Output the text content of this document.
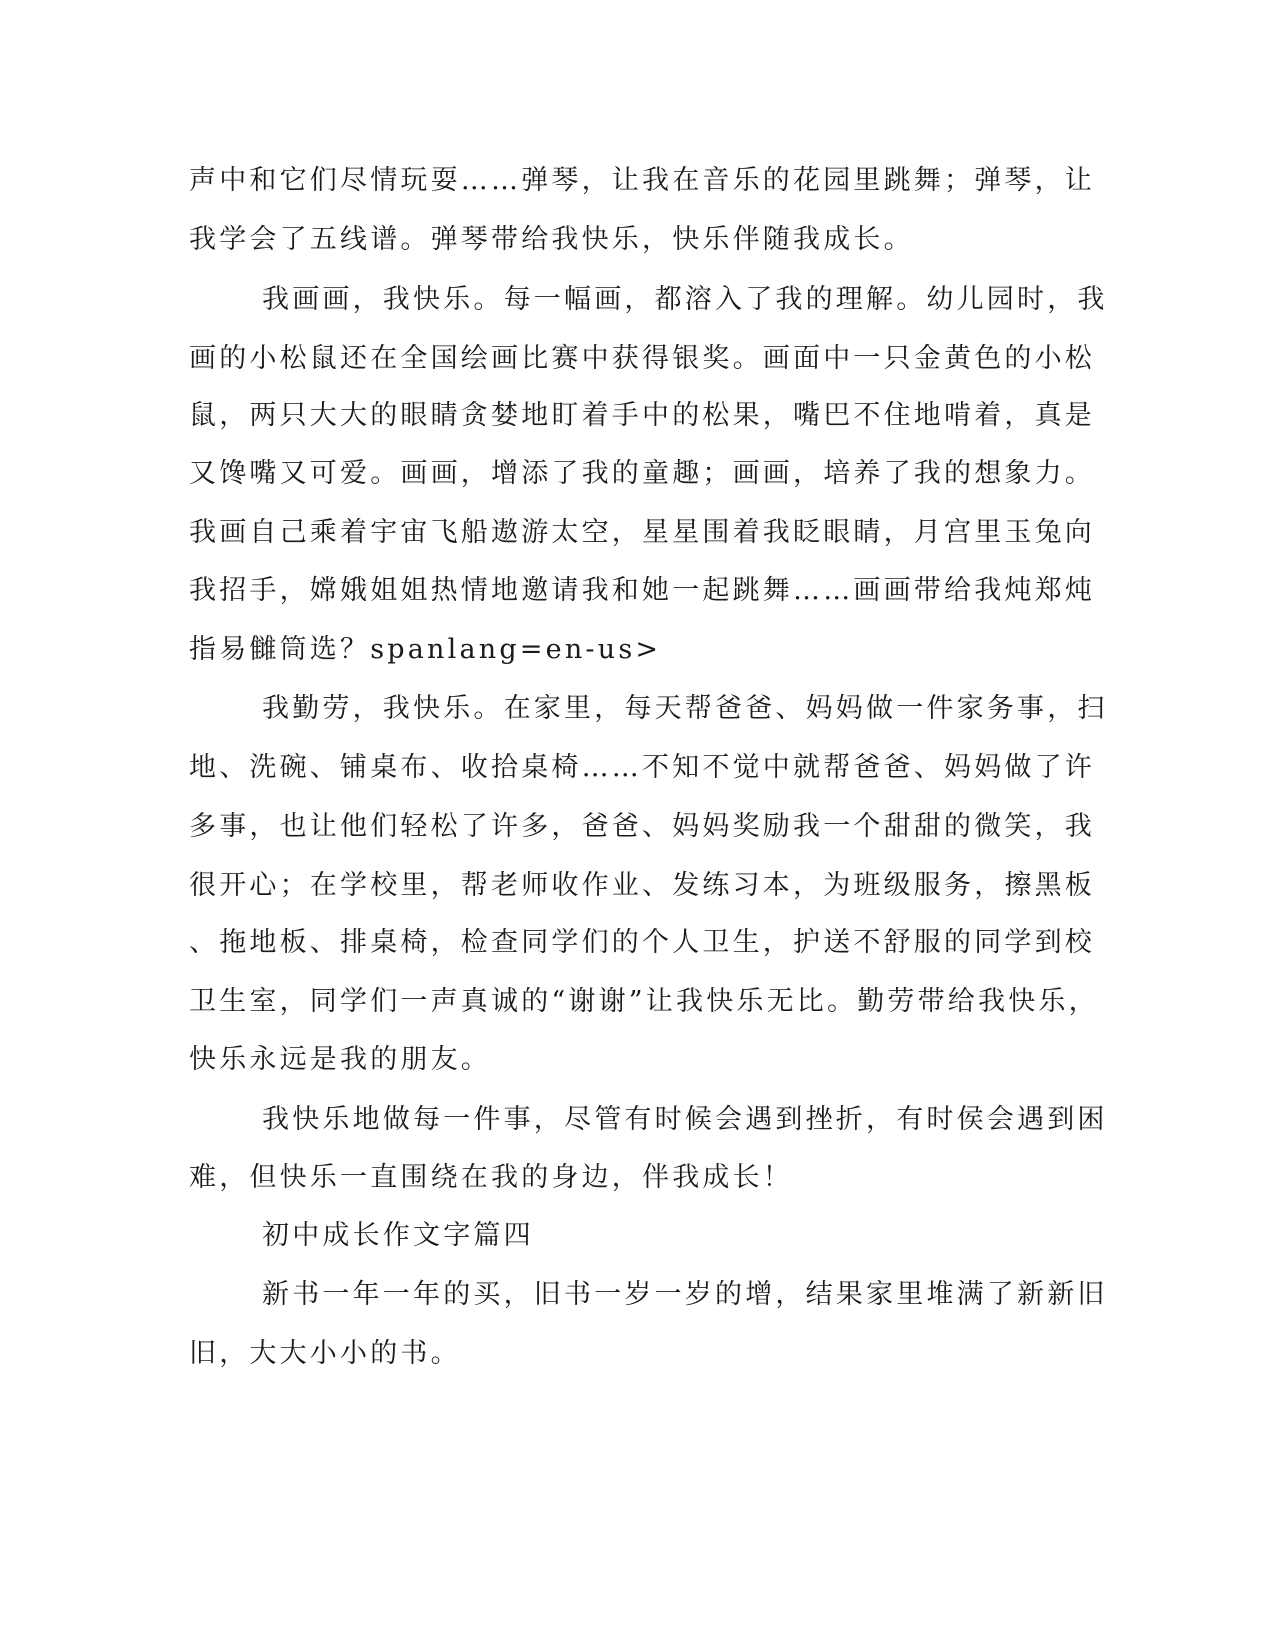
声中和它们尽情玩耍……弹琴，让我在音乐的花园里跳舞；弹琴，让
我学会了五线谱。弹琴带给我快乐，快乐伴随我成长。
我画画，我快乐。每一幅画，都溶入了我的理解。幼儿园时，我
画的小松鼠还在全国绘画比赛中获得银奖。画面中一只金黄色的小松
鼠，两只大大的眼睛贪婪地盯着手中的松果，嘴巴不住地啃着，真是
又馋嘴又可爱。画画，增添了我的童趣；画画，培养了我的想象力。
我画自己乘着宇宙飞船遨游太空，星星围着我眨眼睛，月宫里玉兔向
我招手，嫦娥姐姐热情地邀请我和她一起跳舞……画画带给我炖郑炖
指易雠筒选？spanlang=en-us>
我勤劳，我快乐。在家里，每天帮爸爸、妈妈做一件家务事，扫
地、洗碗、铺桌布、收拾桌椅……不知不觉中就帮爸爸、妈妈做了许
多事，也让他们轻松了许多，爸爸、妈妈奖励我一个甜甜的微笑，我
很开心；在学校里，帮老师收作业、发练习本，为班级服务，擦黑板
、拖地板、排桌椅，检查同学们的个人卫生，护送不舒服的同学到校
卫生室，同学们一声真诚的“谢谢”让我快乐无比。勤劳带给我快乐，
快乐永远是我的朋友。
我快乐地做每一件事，尽管有时候会遇到挫折，有时侯会遇到困
难，但快乐一直围绕在我的身边，伴我成长！
初中成长作文字篇四
新书一年一年的买，旧书一岁一岁的增，结果家里堆满了新新旧
旧，大大小小的书。
